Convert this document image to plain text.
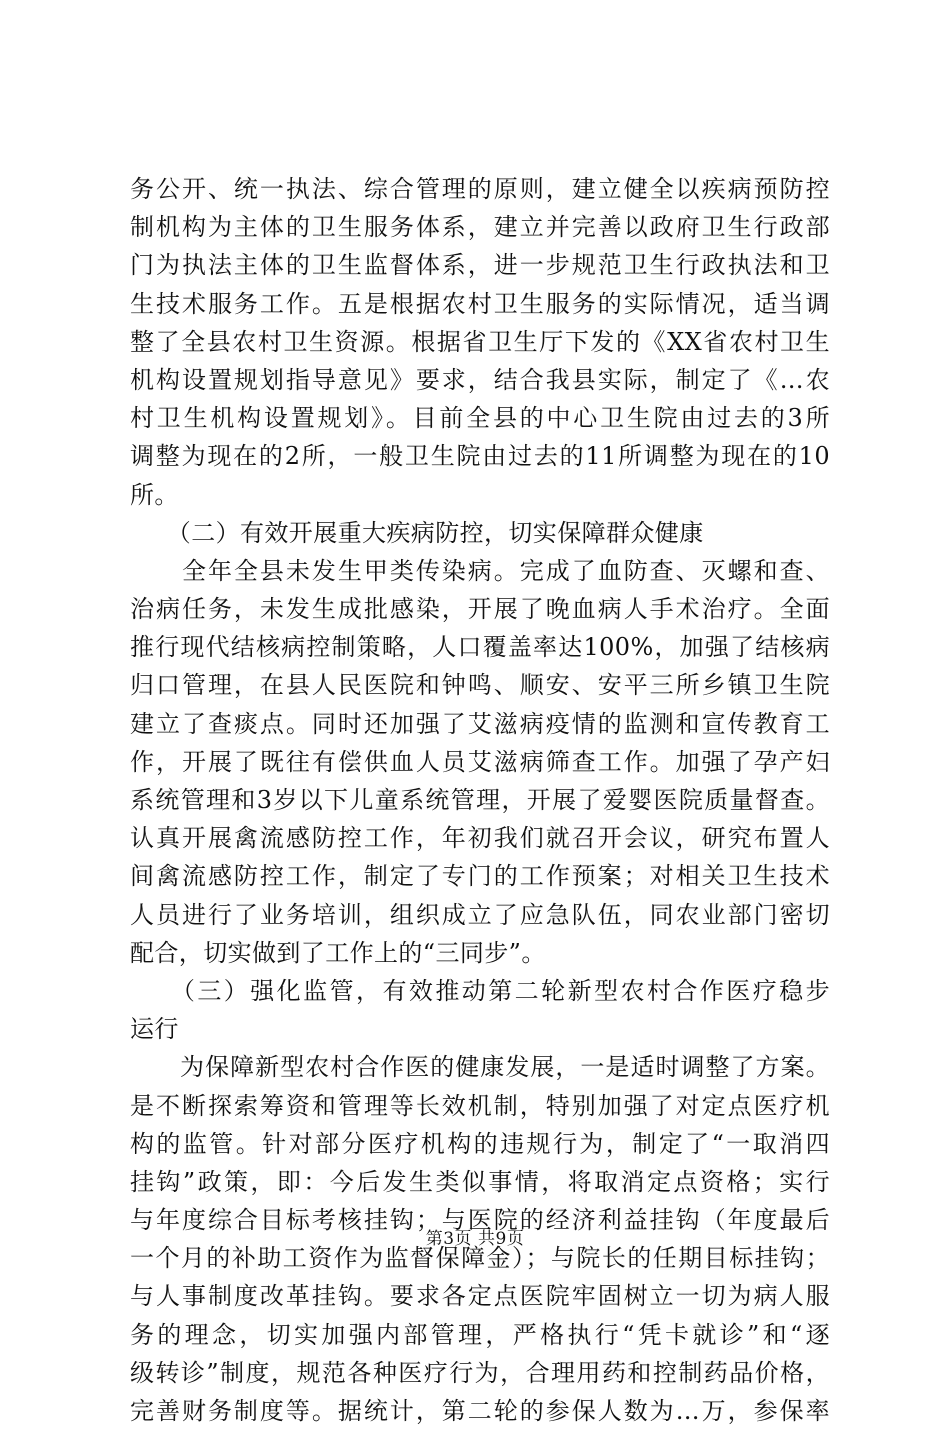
务公开、统一执法、综合管理的原则，建立健全以疾病预防控
制机构为主体的卫生服务体系，建立并完善以政府卫生行政部
门为执法主体的卫生监督体系，进一步规范卫生行政执法和卫
生技术服务工作。五是根据农村卫生服务的实际情况，适当调
整了全县农村卫生资源。根据省卫生厅下发的《XX省农村卫生
机构设置规划指导意见》要求，结合我县实际，制定了《…农
村卫生机构设置规划》。目前全县的中心卫生院由过去的3所
调整为现在的2所，一般卫生院由过去的11所调整为现在的10
所。
　　（二）有效开展重大疾病防控，切实保障群众健康
　　全年全县未发生甲类传染病。完成了血防查、灭螺和查、
治病任务，未发生成批感染，开展了晚血病人手术治疗。全面
推行现代结核病控制策略，人口覆盖率达100%，加强了结核病
归口管理，在县人民医院和钟鸣、顺安、安平三所乡镇卫生院
建立了查痰点。同时还加强了艾滋病疫情的监测和宣传教育工
作，开展了既往有偿供血人员艾滋病筛查工作。加强了孕产妇
系统管理和3岁以下儿童系统管理，开展了爱婴医院质量督查。
认真开展禽流感防控工作，年初我们就召开会议，研究布置人
间禽流感防控工作，制定了专门的工作预案；对相关卫生技术
人员进行了业务培训，组织成立了应急队伍，同农业部门密切
配合，切实做到了工作上的“三同步”。
　　（三）强化监管，有效推动第二轮新型农村合作医疗稳步
运行
　　为保障新型农村合作医的健康发展，一是适时调整了方案。
是不断探索筹资和管理等长效机制，特别加强了对定点医疗机
构的监管。针对部分医疗机构的违规行为，制定了“一取消四
挂钩”政策，即：今后发生类似事情，将取消定点资格；实行
与年度综合目标考核挂钩；与医院的经济利益挂钩（年度最后
一个月的补助工资作为监督保障金）；与院长的任期目标挂钩；
与人事制度改革挂钩。要求各定点医院牢固树立一切为病人服
务的理念，切实加强内部管理，严格执行“凭卡就诊”和“逐
级转诊”制度，规范各种医疗行为，合理用药和控制药品价格，
完善财务制度等。据统计，第二轮的参保人数为…万，参保率
第3页 共9页
